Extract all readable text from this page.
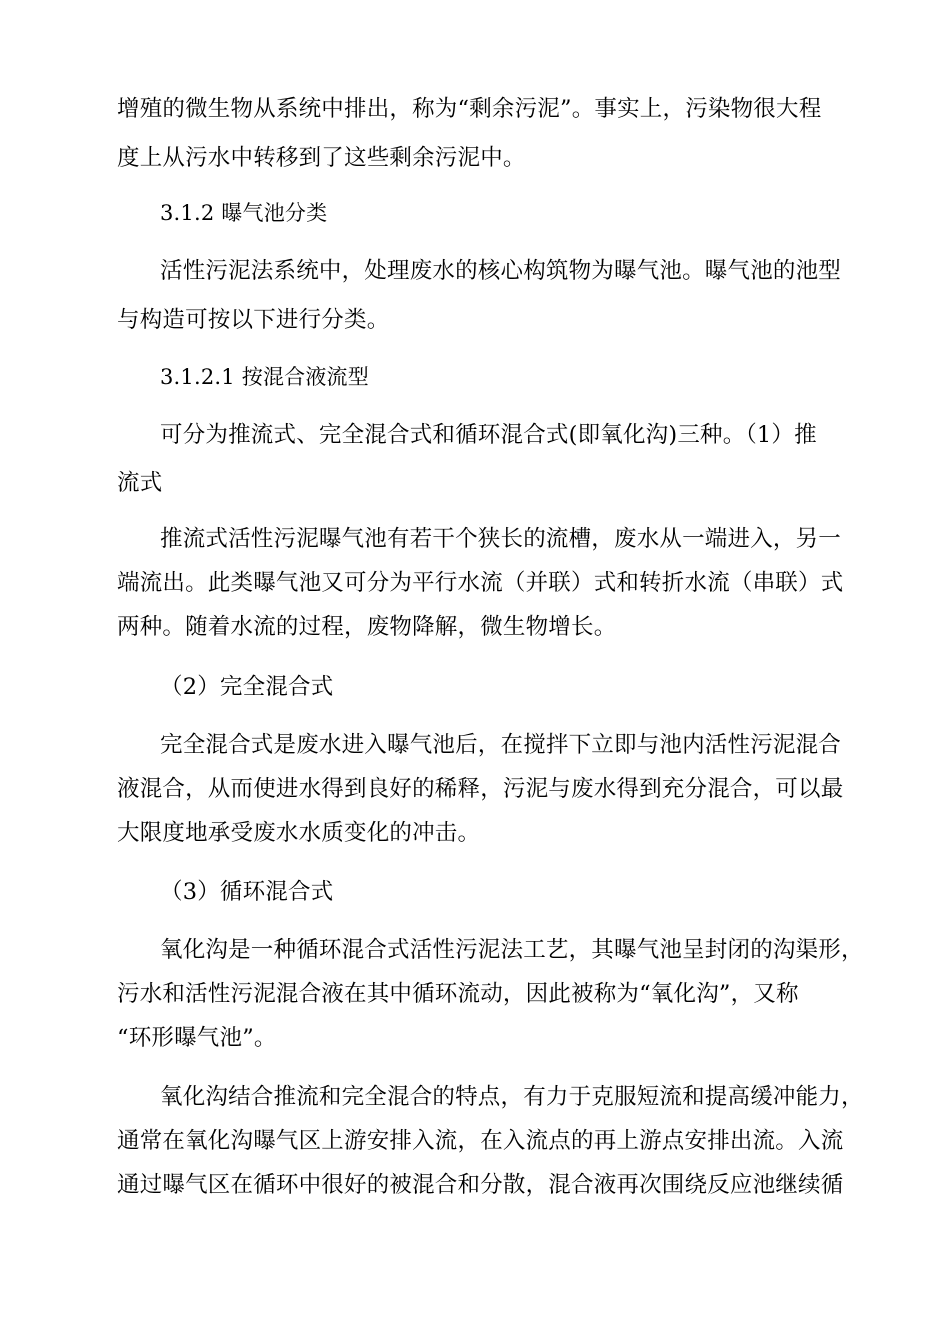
增殖的微生物从系统中排出，称为“剩余污泥”。事实上，污染物很大程
度上从污水中转移到了这些剩余污泥中。
3.1.2 曝气池分类
活性污泥法系统中，处理废水的核心构筑物为曝气池。曝气池的池型
与构造可按以下进行分类。
3.1.2.1 按混合液流型
可分为推流式、完全混合式和循环混合式(即氧化沟)三种。（1）推
流式
推流式活性污泥曝气池有若干个狭长的流槽，废水从一端进入，另一
端流出。此类曝气池又可分为平行水流（并联）式和转折水流（串联）式
两种。随着水流的过程，废物降解，微生物增长。
（2）完全混合式
完全混合式是废水进入曝气池后，在搅拌下立即与池内活性污泥混合
液混合，从而使进水得到良好的稀释，污泥与废水得到充分混合，可以最
大限度地承受废水水质变化的冲击。
（3）循环混合式
氧化沟是一种循环混合式活性污泥法工艺，其曝气池呈封闭的沟渠形，
污水和活性污泥混合液在其中循环流动，因此被称为“氧化沟”，又称
“环形曝气池”。
氧化沟结合推流和完全混合的特点，有力于克服短流和提高缓冲能力，
通常在氧化沟曝气区上游安排入流，在入流点的再上游点安排出流。入流
通过曝气区在循环中很好的被混合和分散，混合液再次围绕反应池继续循
